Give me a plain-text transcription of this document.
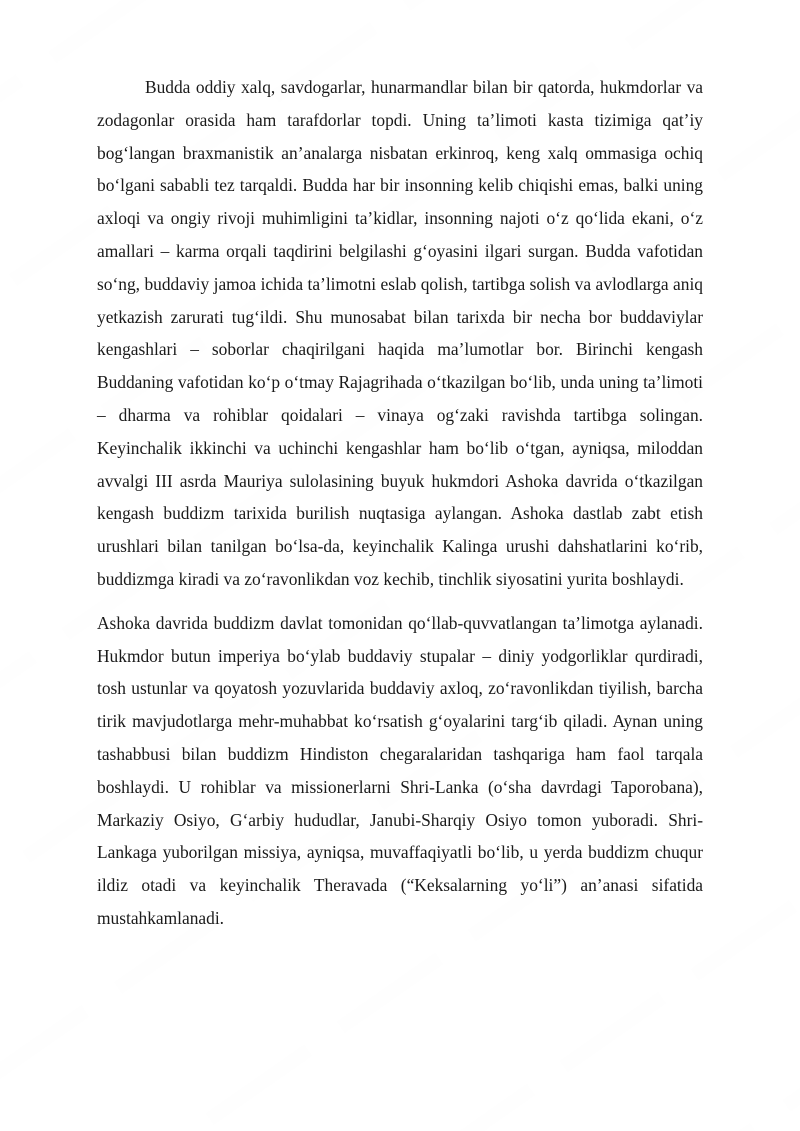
Budda oddiy xalq, savdogarlar, hunarmandlar bilan bir qatorda, hukmdorlar va zodagonlar orasida ham tarafdorlar topdi. Uning ta’limoti kasta tizimiga qat’iy bog‘langan braxmanistik an’analarga nisbatan erkinroq, keng xalq ommasiga ochiq bo‘lgani sababli tez tarqaldi. Budda har bir insonning kelib chiqishi emas, balki uning axloqi va ongiy rivoji muhimligini ta’kidlar, insonning najoti o‘z qo‘lida ekani, o‘z amallari – karma orqali taqdirini belgilashi g‘oyasini ilgari surgan. Budda vafotidan so‘ng, buddaviy jamoa ichida ta’limotni eslab qolish, tartibga solish va avlodlarga aniq yetkazish zarurati tug‘ildi. Shu munosabat bilan tarixda bir necha bor buddaviylar kengashlari – soborlar chaqirilgani haqida ma’lumotlar bor. Birinchi kengash Buddaning vafotidan ko‘p o‘tmay Rajagrihada o‘tkazilgan bo‘lib, unda uning ta’limoti – dharma va rohiblar qoidalari – vinaya og‘zaki ravishda tartibga solingan. Keyinchalik ikkinchi va uchinchi kengashlar ham bo‘lib o‘tgan, ayniqsa, miloddan avvalgi III asrda Mauriya sulolasining buyuk hukmdori Ashoka davrida o‘tkazilgan kengash buddizm tarixida burilish nuqtasiga aylangan. Ashoka dastlab zabt etish urushlari bilan tanilgan bo‘lsa-da, keyinchalik Kalinga urushi dahshatlarini ko‘rib, buddizmga kiradi va zo‘ravonlikdan voz kechib, tinchlik siyosatini yurita boshlaydi.

Ashoka davrida buddizm davlat tomonidan qo‘llab-quvvatlangan ta’limotga aylanadi. Hukmdor butun imperiya bo‘ylab buddaviy stupalar – diniy yodgorliklar qurdiradi, tosh ustunlar va qoyatosh yozuvlarida buddaviy axloq, zo‘ravonlikdan tiyilish, barcha tirik mavjudotlarga mehr-muhabbat ko‘rsatish g‘oyalarini targ‘ib qiladi. Aynan uning tashabbusi bilan buddizm Hindiston chegaralaridan tashqariga ham faol tarqala boshlaydi. U rohiblar va missionerlarni Shri-Lanka (o‘sha davrdagi Taporobana), Markaziy Osiyo, G‘arbiy hududlar, Janubi-Sharqiy Osiyo tomon yuboradi. Shri-Lankaga yuborilgan missiya, ayniqsa, muvaffaqiyatli bo‘lib, u yerda buddizm chuqur ildiz otadi va keyinchalik Theravada (“Keksalarning yo‘li”) an’anasi sifatida mustahkamlanadi.
